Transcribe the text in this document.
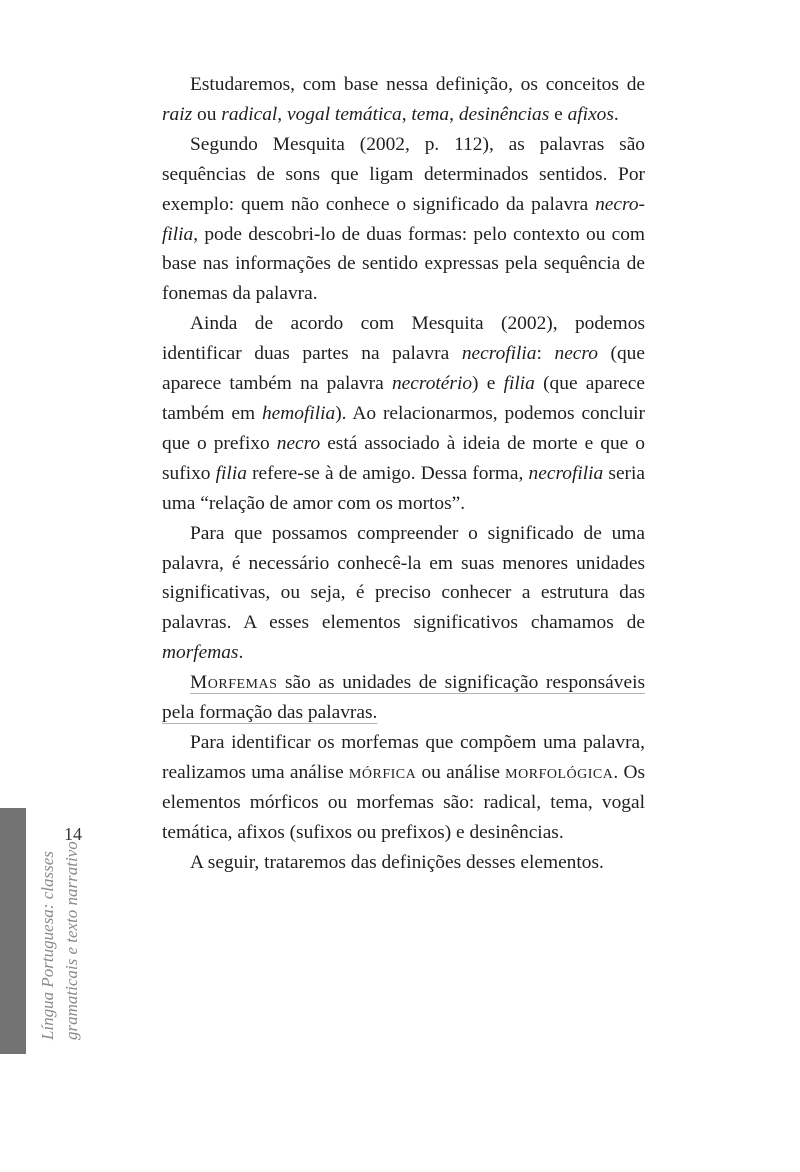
14
Língua Portuguesa: classes gramaticais e texto narrativo

Estudaremos, com base nessa definição, os conceitos de raiz ou radical, vogal temática, tema, desinências e afixos.

Segundo Mesquita (2002, p. 112), as palavras são sequências de sons que ligam determinados sentidos. Por exemplo: quem não conhece o significado da palavra necro-filia, pode descobri-lo de duas formas: pelo contexto ou com base nas informações de sentido expressas pela sequência de fonemas da palavra.

Ainda de acordo com Mesquita (2002), podemos identificar duas partes na palavra necrofilia: necro (que aparece também na palavra necrotério) e filia (que aparece também em hemofilia). Ao relacionarmos, podemos concluir que o prefixo necro está associado à ideia de morte e que o sufixo filia refere-se à de amigo. Dessa forma, necrofilia seria uma “relação de amor com os mortos”.

Para que possamos compreender o significado de uma palavra, é necessário conhecê-la em suas menores unidades significativas, ou seja, é preciso conhecer a estrutura das palavras. A esses elementos significativos chamamos de morfemas.

Morfemas são as unidades de significação responsáveis pela formação das palavras.

Para identificar os morfemas que compõem uma palavra, realizamos uma análise mórfica ou análise morfológica. Os elementos mórficos ou morfemas são: radical, tema, vogal temática, afixos (sufixos ou prefixos) e desinências.

A seguir, trataremos das definições desses elementos.
